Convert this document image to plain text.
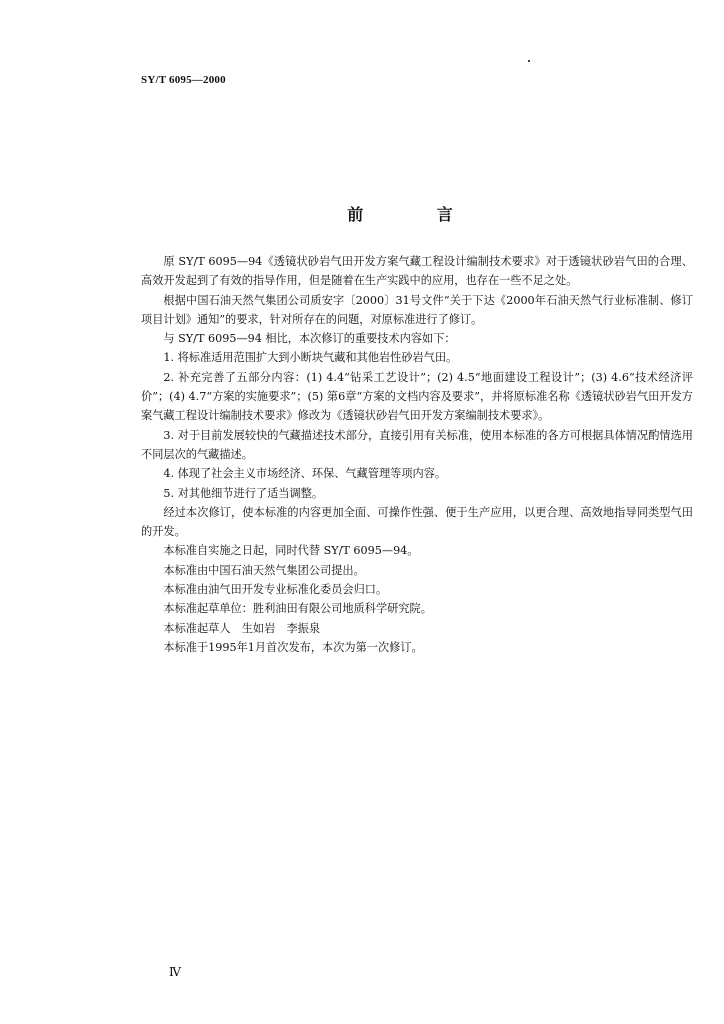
SY/T 6095—2000
前 言

原 SY/T 6095—94《透镜状砂岩气田开发方案气藏工程设计编制技术要求》对于透镜状砂岩气田的合理、高效开发起到了有效的指导作用，但是随着在生产实践中的应用，也存在一些不足之处。

根据中国石油天然气集团公司质安字〔2000〕31号文件“关于下达《2000年石油天然气行业标准制、修订项目计划》通知”的要求，针对所存在的问题，对原标准进行了修订。

与 SY/T 6095—94 相比，本次修订的重要技术内容如下：

1. 将标准适用范围扩大到小断块气藏和其他岩性砂岩气田。

2. 补充完善了五部分内容：(1) 4.4“钻采工艺设计”；(2) 4.5“地面建设工程设计”；(3) 4.6“技术经济评价”；(4) 4.7“方案的实施要求”；(5) 第6章“方案的文档内容及要求”，并将原标准名称《透镜状砂岩气田开发方案气藏工程设计编制技术要求》修改为《透镜状砂岩气田开发方案编制技术要求》。

3. 对于目前发展较快的气藏描述技术部分，直接引用有关标准，使用本标准的各方可根据具体情况酌情选用不同层次的气藏描述。

4. 体现了社会主义市场经济、环保、气藏管理等项内容。

5. 对其他细节进行了适当调整。

经过本次修订，使本标准的内容更加全面、可操作性强、便于生产应用，以更合理、高效地指导同类型气田的开发。

本标准自实施之日起，同时代替 SY/T 6095—94。

本标准由中国石油天然气集团公司提出。

本标准由油气田开发专业标准化委员会归口。

本标准起草单位：胜利油田有限公司地质科学研究院。

本标准起草人　生如岩　李振泉

本标准于1995年1月首次发布，本次为第一次修订。

Ⅳ
